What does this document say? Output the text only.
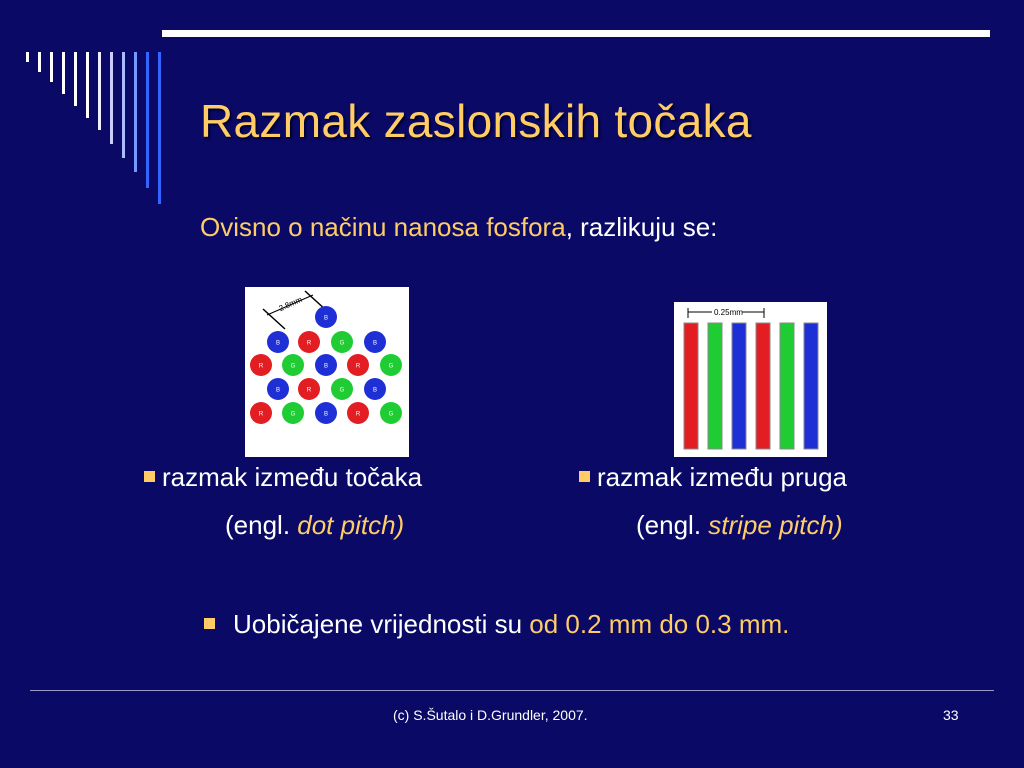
Razmak zaslonskih točaka
Ovisno o načinu nanosa fosfora, razlikuju se:
2.8mm
B
B	R	G	B
R	G	B	R	G
B	R	G	B
R	G	B	R	G
0.25mm
razmak između točaka
(engl. dot pitch)
razmak između pruga
(engl. stripe pitch)
Uobičajene vrijednosti su od 0.2 mm do 0.3 mm.
(c) S.Šutalo i D.Grundler, 2007.	33
